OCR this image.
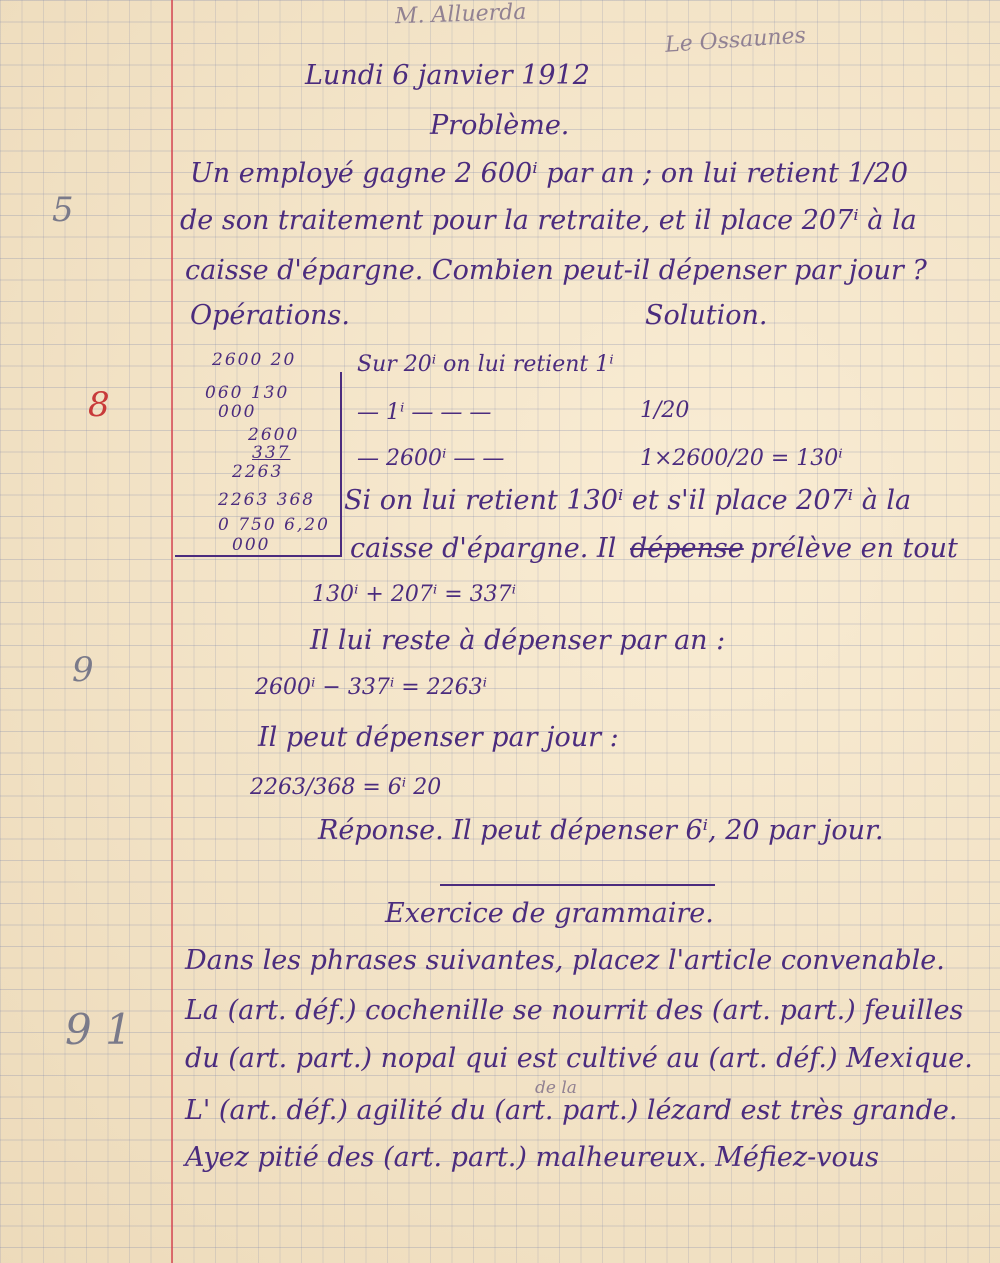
M. Alluerda
Le Ossaunes
Lundi 6 janvier 1912
Problème.
5
8
9
9 1
Un employé gagne 2 600ⁱ par an ; on lui retient 1/20
de son traitement pour la retraite, et il place 207ⁱ à la
caisse d'épargne. Combien peut-il dépenser par jour ?
Opérations.	Solution.
2600 20
060 130
000
2600
337
2263
2263 368
0 750 6,20
000
Sur 20ⁱ on lui retient 1ⁱ
— 1ⁱ — — —	1/20
— 2600ⁱ — —	1×2600/20 = 130ⁱ
Si on lui retient 130ⁱ et s'il place 207ⁱ à la
caisse d'épargne. Il dépense prélève en tout
130ⁱ + 207ⁱ = 337ⁱ
Il lui reste à dépenser par an :
2600ⁱ − 337ⁱ = 2263ⁱ
Il peut dépenser par jour :
2263/368 = 6ⁱ 20
Réponse. Il peut dépenser 6ⁱ, 20 par jour.
Exercice de grammaire.
Dans les phrases suivantes, placez l'article convenable.
La (art. déf.) cochenille se nourrit des (art. part.) feuilles
du (art. part.) nopal qui est cultivé au (art. déf.) Mexique.
de la
L' (art. déf.) agilité du (art. part.) lézard est très grande.
Ayez pitié des (art. part.) malheureux. Méfiez-vous
